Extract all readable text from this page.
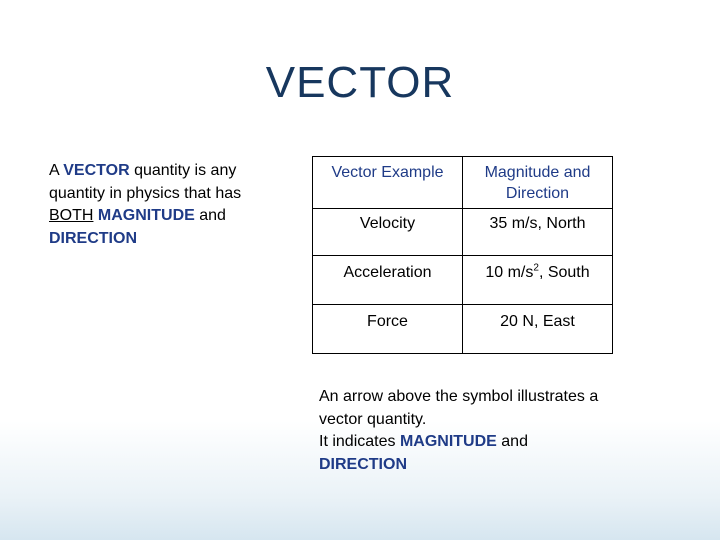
VECTOR
A VECTOR quantity is any quantity in physics that has BOTH MAGNITUDE and DIRECTION
Vector Example	Magnitude and Direction
Velocity	35 m/s, North
Acceleration	10 $m/s^2$, South
Force	20 N, East
An arrow above the symbol illustrates a vector quantity.
It indicates MAGNITUDE and
DIRECTION
